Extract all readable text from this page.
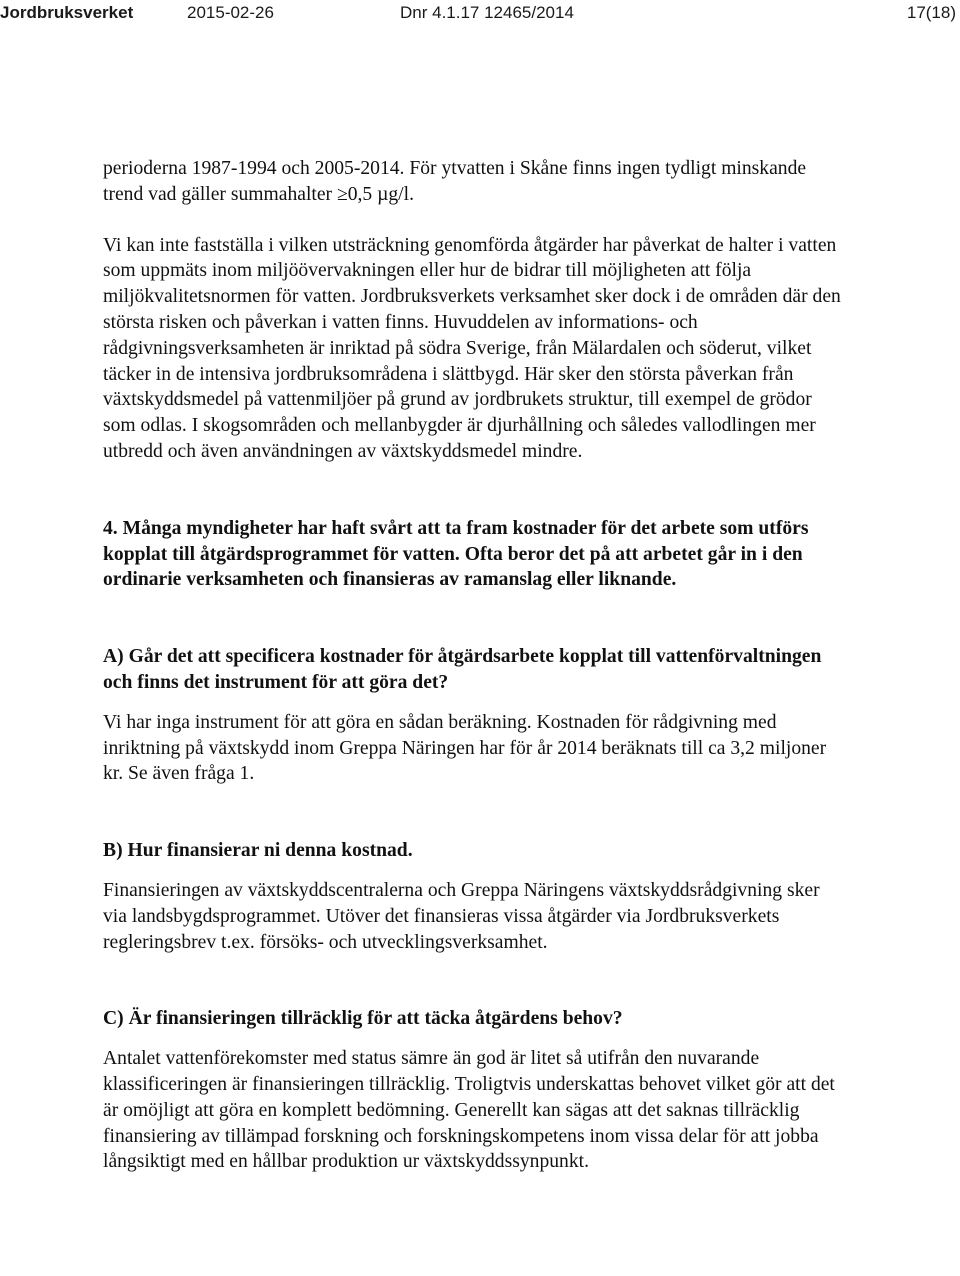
Jordbruksverket	2015-02-26	Dnr 4.1.17 12465/2014	17(18)

perioderna 1987-1994 och 2005-2014. För ytvatten i Skåne finns ingen tydligt minskande trend vad gäller summahalter ≥0,5 µg/l.

Vi kan inte fastställa i vilken utsträckning genomförda åtgärder har påverkat de halter i vatten som uppmäts inom miljöövervakningen eller hur de bidrar till möjligheten att följa miljökvalitetsnormen för vatten. Jordbruksverkets verksamhet sker dock i de områden där den största risken och påverkan i vatten finns. Huvuddelen av informations- och rådgivningsverksamheten är inriktad på södra Sverige, från Mälardalen och söderut, vilket täcker in de intensiva jordbruksområdena i slättbygd. Här sker den största påverkan från växtskyddsmedel på vattenmiljöer på grund av jordbrukets struktur, till exempel de grödor som odlas. I skogsområden och mellanbygder är djurhållning och således vallodlingen mer utbredd och även användningen av växtskyddsmedel mindre.

4. Många myndigheter har haft svårt att ta fram kostnader för det arbete som utförs kopplat till åtgärdsprogrammet för vatten. Ofta beror det på att arbetet går in i den ordinarie verksamheten och finansieras av ramanslag eller liknande.

A) Går det att specificera kostnader för åtgärdsarbete kopplat till vattenförvaltningen och finns det instrument för att göra det?

Vi har inga instrument för att göra en sådan beräkning. Kostnaden för rådgivning med inriktning på växtskydd inom Greppa Näringen har för år 2014 beräknats till ca 3,2 miljoner kr. Se även fråga 1.

B) Hur finansierar ni denna kostnad.

Finansieringen av växtskyddscentralerna och Greppa Näringens växtskyddsrådgivning sker via landsbygdsprogrammet. Utöver det finansieras vissa åtgärder via Jordbruksverkets regleringsbrev t.ex. försöks- och utvecklingsverksamhet.

C) Är finansieringen tillräcklig för att täcka åtgärdens behov?

Antalet vattenförekomster med status sämre än god är litet så utifrån den nuvarande klassificeringen är finansieringen tillräcklig. Troligtvis underskattas behovet vilket gör att det är omöjligt att göra en komplett bedömning. Generellt kan sägas att det saknas tillräcklig finansiering av tillämpad forskning och forskningskompetens inom vissa delar för att jobba långsiktigt med en hållbar produktion ur växtskyddssynpunkt.
